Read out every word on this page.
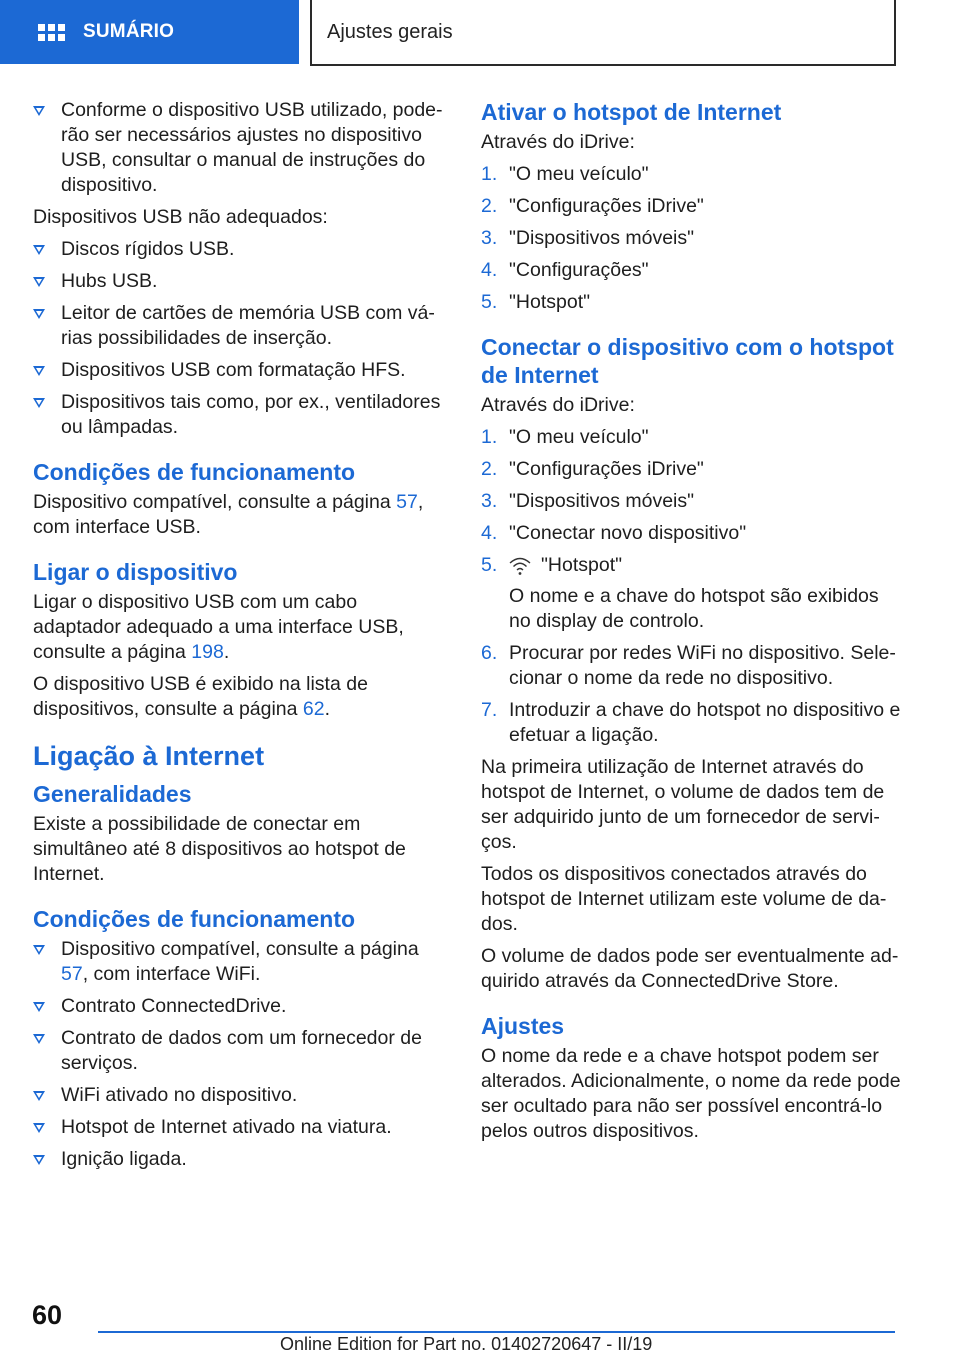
SUMÁRIO	Ajustes gerais
Conforme o dispositivo USB utilizado, poderão ser necessários ajustes no dispositivo USB, consultar o manual de instruções do dispositivo.

Dispositivos USB não adequados:

Discos rígidos USB.
Hubs USB.
Leitor de cartões de memória USB com várias possibilidades de inserção.
Dispositivos USB com formatação HFS.
Dispositivos tais como, por ex., ventiladores ou lâmpadas.
Condições de funcionamento

Dispositivo compatível, consulte a página 57, com interface USB.

Ligar o dispositivo

Ligar o dispositivo USB com um cabo adaptador adequado a uma interface USB, consulte a página 198.

O dispositivo USB é exibido na lista de dispositivos, consulte a página 62.

Ligação à Internet
Generalidades

Existe a possibilidade de conectar em simultâneo até 8 dispositivos ao hotspot de Internet.

Condições de funcionamento
Dispositivo compatível, consulte a página 57, com interface WiFi.
Contrato ConnectedDrive.
Contrato de dados com um fornecedor de serviços.
WiFi ativado no dispositivo.
Hotspot de Internet ativado na viatura.
Ignição ligada.
Ativar o hotspot de Internet

Através do iDrive:

1. "O meu veículo"
2. "Configurações iDrive"
3. "Dispositivos móveis"
4. "Configurações"
5. "Hotspot"
Conectar o dispositivo com o hotspot de Internet

Através do iDrive:

1. "O meu veículo"
2. "Configurações iDrive"
3. "Dispositivos móveis"
4. "Conectar novo dispositivo"
5. "Hotspot"
O nome e a chave do hotspot são exibidos no display de controlo.
6. Procurar por redes WiFi no dispositivo. Selecionar o nome da rede no dispositivo.
7. Introduzir a chave do hotspot no dispositivo e efetuar a ligação.

Na primeira utilização de Internet através do hotspot de Internet, o volume de dados tem de ser adquirido junto de um fornecedor de serviços.

Todos os dispositivos conectados através do hotspot de Internet utilizam este volume de dados.

O volume de dados pode ser eventualmente adquirido através da ConnectedDrive Store.

Ajustes

O nome da rede e a chave hotspot podem ser alterados. Adicionalmente, o nome da rede pode ser ocultado para não ser possível encontrá-lo pelos outros dispositivos.

60
Online Edition for Part no. 01402720647 - II/19
